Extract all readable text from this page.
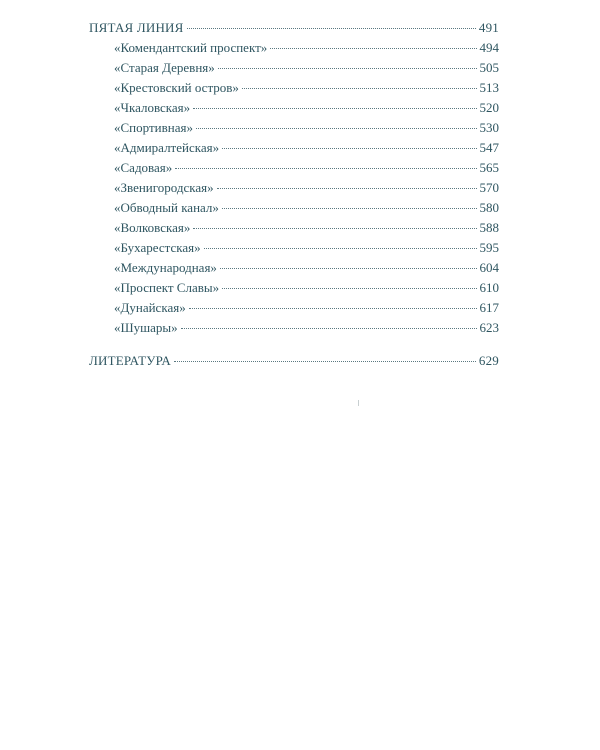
ПЯТАЯ ЛИНИЯ	491
«Комендантский проспект»	494
«Старая Деревня»	505
«Крестовский остров»	513
«Чкаловская»	520
«Спортивная»	530
«Адмиралтейская»	547
«Садовая»	565
«Звенигородская»	570
«Обводный канал»	580
«Волковская»	588
«Бухарестская»	595
«Международная»	604
«Проспект Славы»	610
«Дунайская»	617
«Шушары»	623
ЛИТЕРАТУРА	629
